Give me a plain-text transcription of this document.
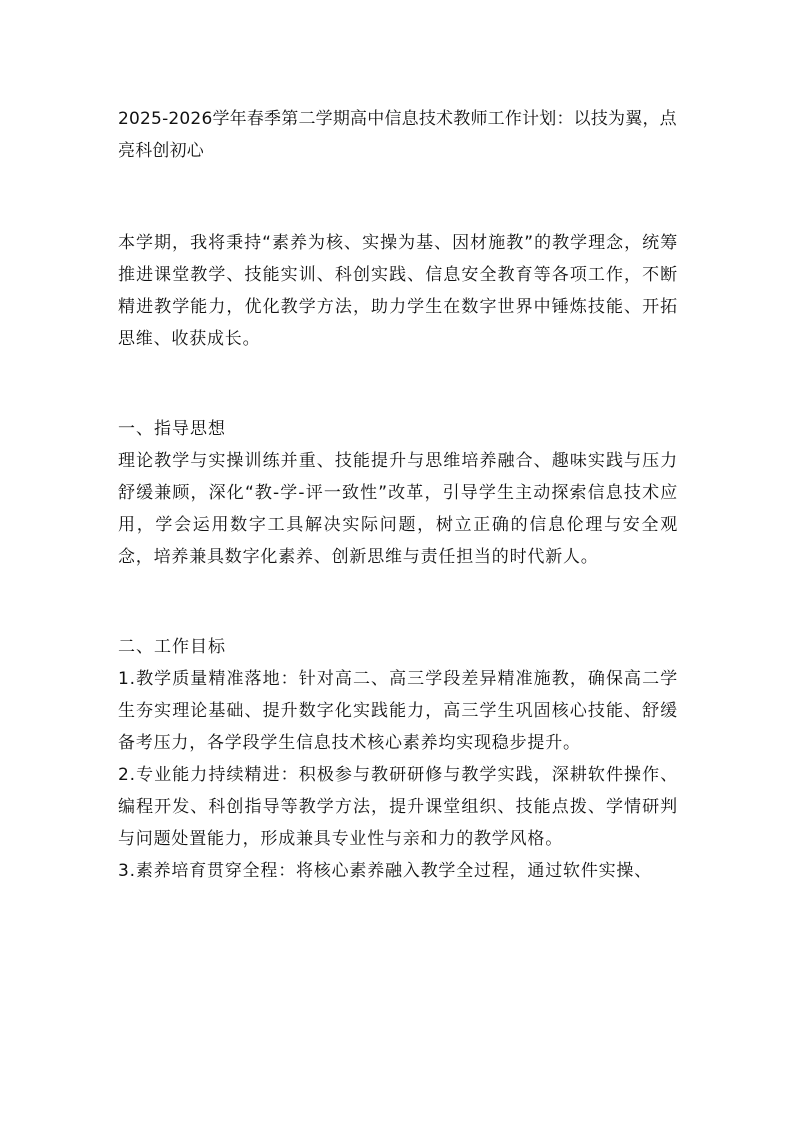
2025-2026学年春季第二学期高中信息技术教师工作计划：以技为翼，点亮科创初心

本学期，我将秉持“素养为核、实操为基、因材施教”的教学理念，统筹推进课堂教学、技能实训、科创实践、信息安全教育等各项工作，不断精进教学能力，优化教学方法，助力学生在数字世界中锤炼技能、开拓思维、收获成长。

一、指导思想

理论教学与实操训练并重、技能提升与思维培养融合、趣味实践与压力舒缓兼顾，深化“教-学-评一致性”改革，引导学生主动探索信息技术应用，学会运用数字工具解决实际问题，树立正确的信息伦理与安全观念，培养兼具数字化素养、创新思维与责任担当的时代新人。

二、工作目标

1.教学质量精准落地：针对高二、高三学段差异精准施教，确保高二学生夯实理论基础、提升数字化实践能力，高三学生巩固核心技能、舒缓备考压力，各学段学生信息技术核心素养均实现稳步提升。

2.专业能力持续精进：积极参与教研研修与教学实践，深耕软件操作、编程开发、科创指导等教学方法，提升课堂组织、技能点拨、学情研判与问题处置能力，形成兼具专业性与亲和力的教学风格。

3.素养培育贯穿全程：将核心素养融入教学全过程，通过软件实操、
